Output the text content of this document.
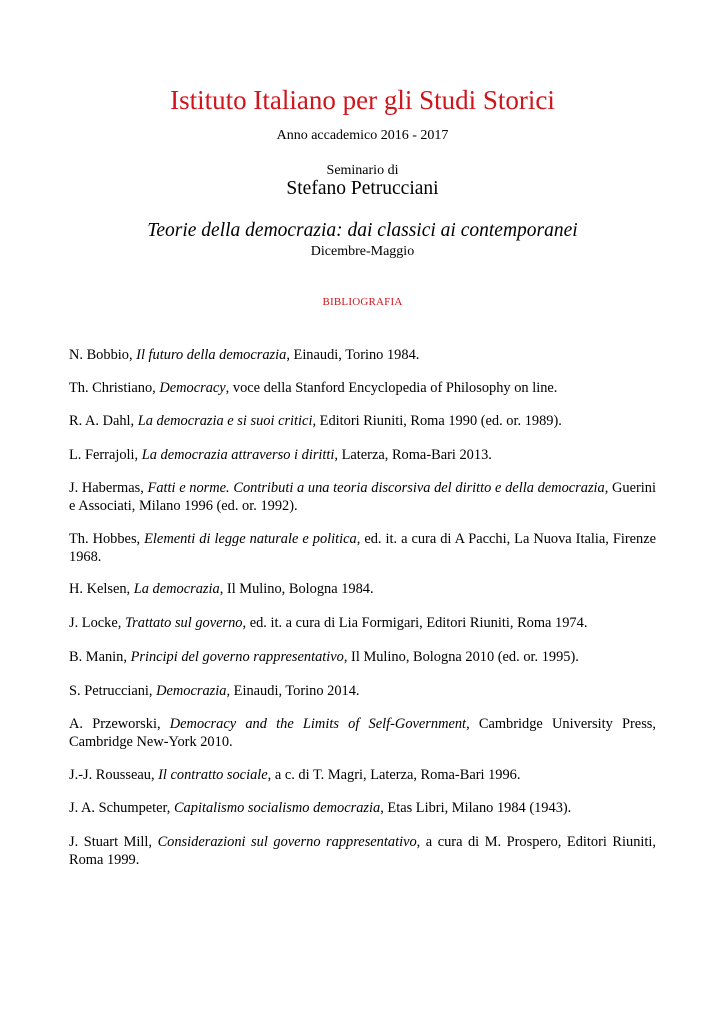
Istituto Italiano per gli Studi Storici
Anno accademico 2016 - 2017
Seminario di
Stefano Petrucciani
Teorie della democrazia: dai classici ai contemporanei
Dicembre-Maggio
BIBLIOGRAFIA
N. Bobbio, Il futuro della democrazia, Einaudi, Torino 1984.
Th. Christiano, Democracy, voce della Stanford Encyclopedia of Philosophy on line.
R. A. Dahl, La democrazia e si suoi critici, Editori Riuniti, Roma 1990 (ed. or. 1989).
L. Ferrajoli, La democrazia attraverso i diritti, Laterza, Roma-Bari 2013.
J. Habermas, Fatti e norme. Contributi a una teoria discorsiva del diritto e della democrazia, Guerini e Associati, Milano 1996 (ed. or. 1992).
Th. Hobbes, Elementi di legge naturale e politica, ed. it. a cura di A Pacchi, La Nuova Italia, Firenze 1968.
H. Kelsen, La democrazia, Il Mulino, Bologna 1984.
J. Locke, Trattato sul governo, ed. it. a cura di Lia Formigari, Editori Riuniti, Roma 1974.
B. Manin, Principi del governo rappresentativo, Il Mulino, Bologna 2010 (ed. or. 1995).
S. Petrucciani, Democrazia, Einaudi, Torino 2014.
A. Przeworski, Democracy and the Limits of Self-Government, Cambridge University Press, Cambridge New-York 2010.
J.-J. Rousseau, Il contratto sociale, a c. di T. Magri, Laterza, Roma-Bari 1996.
J. A. Schumpeter, Capitalismo socialismo democrazia, Etas Libri, Milano 1984 (1943).
J. Stuart Mill, Considerazioni sul governo rappresentativo, a cura di M. Prospero, Editori Riuniti, Roma 1999.
